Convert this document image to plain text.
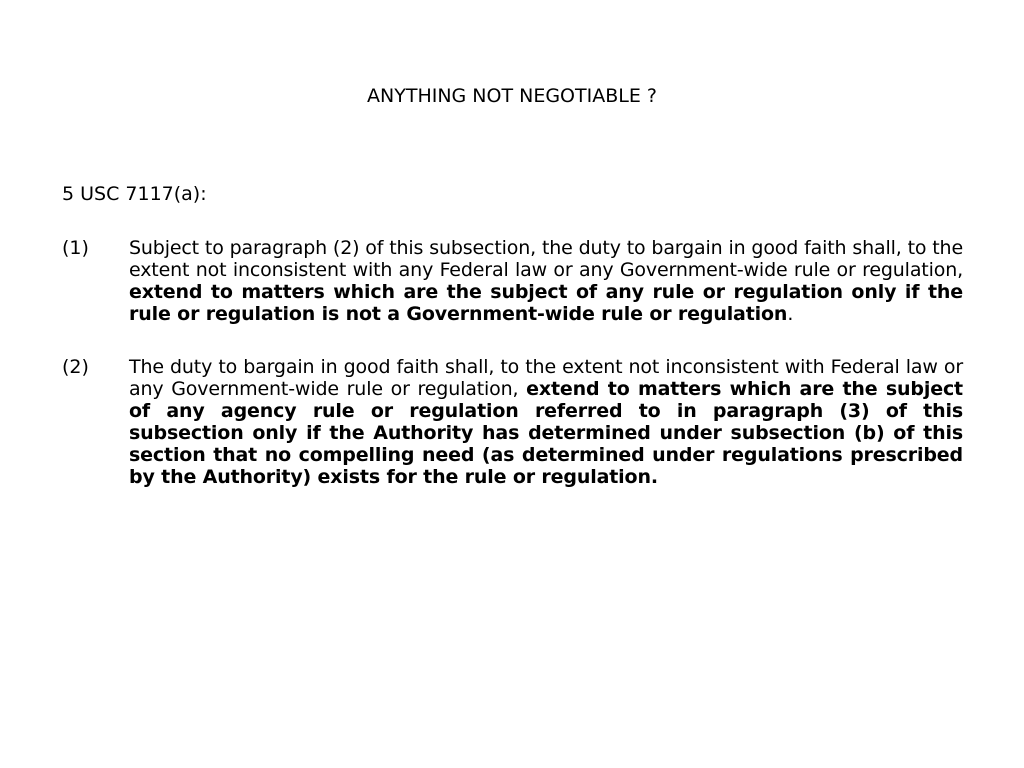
ANYTHING NOT NEGOTIABLE ?

5 USC 7117(a):

(1)	Subject to paragraph (2) of this subsection, the duty to bargain in good faith shall, to the extent not inconsistent with any Federal law or any Government-wide rule or regulation, extend to matters which are the subject of any rule or regulation only if the rule or regulation is not a Government-wide rule or regulation.
(2)	The duty to bargain in good faith shall, to the extent not inconsistent with Federal law or any Government-wide rule or regulation, extend to matters which are the subject of any agency rule or regulation referred to in paragraph (3) of this subsection only if the Authority has determined under subsection (b) of this section that no compelling need (as determined under regulations prescribed by the Authority) exists for the rule or regulation.
